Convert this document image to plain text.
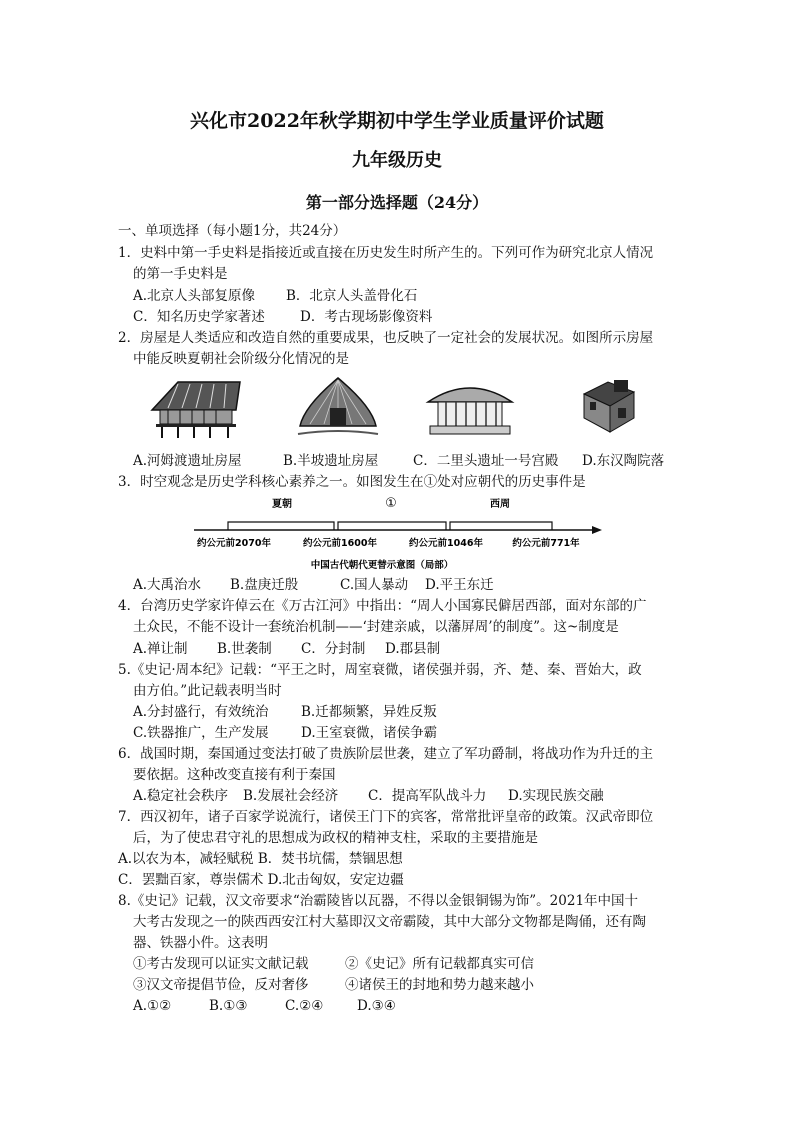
兴化市2022年秋学期初中学生学业质量评价试题
九年级历史
第一部分选择题（24分）
一、单项选择（每小题1分，共24分）
1．史料中第一手史料是指接近或直接在历史发生时所产生的。下列可作为研究北京人情况
的第一手史料是
A.北京人头部复原像 B．北京人头盖骨化石
C．知名历史学家著述	D．考古现场影像资料
2．房屋是人类适应和改造自然的重要成果，也反映了一定社会的发展状况。如图所示房屋
中能反映夏朝社会阶级分化情况的是
A.河姆渡遗址房屋	B.半坡遗址房屋	C．二里头遗址一号宫殿 D.东汉陶院落
3．时空观念是历史学科核心素养之一。如图发生在①处对应朝代的历史事件是
夏朝	①	西周
约公元前2070年	约公元前1600年	约公元前1046年	约公元前771年
中国古代朝代更替示意图（局部）
A.大禹治水 B.盘庚迁殷	C.国人暴动 D.平王东迁
4．台湾历史学家许倬云在《万古江河》中指出：“周人小国寡民僻居西部，面对东部的广
土众民，不能不设计一套统治机制——‘封建亲戚，以藩屏周’的制度”。这~制度是
A.禅让制 B.世袭制 C．分封制 D.郡县制
5.《史记·周本纪》记载：“平王之时，周室衰微，诸侯强并弱，齐、楚、秦、晋始大，政
由方伯。”此记载表明当时
A.分封盛行，有效统治 B.迁都频繁，异姓反叛
C.铁器推广，生产发展 D.王室衰微，诸侯争霸
6．战国时期，秦国通过变法打破了贵族阶层世袭，建立了军功爵制，将战功作为升迁的主
要依据。这种改变直接有利于秦国
A.稳定社会秩序 B.发展社会经济 C．提高军队战斗力 D.实现民族交融
7．西汉初年，诸子百家学说流行，诸侯王门下的宾客，常常批评皇帝的政策。汉武帝即位
后，为了使忠君守礼的思想成为政权的精神支柱，采取的主要措施是
A.以农为本，减轻赋税 B．焚书坑儒，禁锢思想
C．罢黜百家，尊崇儒术 D.北击匈奴，安定边疆
8.《史记》记载，汉文帝要求“治霸陵皆以瓦器，不得以金银铜锡为饰”。2021年中国十
大考古发现之一的陕西西安江村大墓即汉文帝霸陵，其中大部分文物都是陶俑，还有陶
器、铁器小件。这表明
①考古发现可以证实文献记载	②《史记》所有记载都真实可信
③汉文帝提倡节俭，反对奢侈	④诸侯王的封地和势力越来越小
A.①②	B.①③	C.②④ D.③④
